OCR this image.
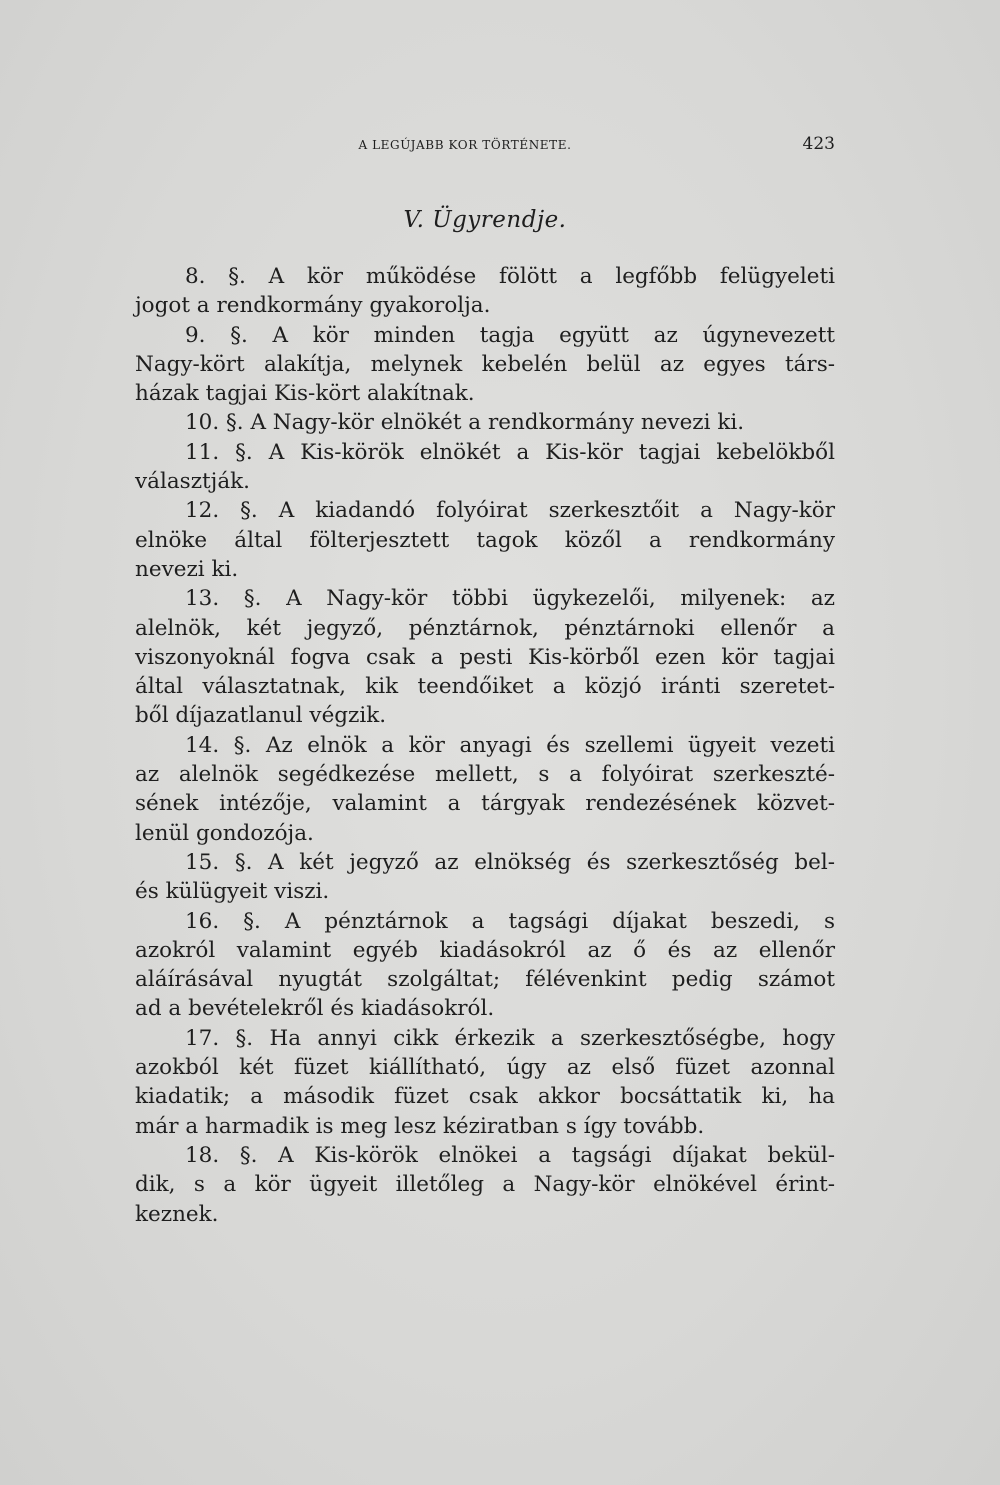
A LEGÚJABB KOR TÖRTÉNETE.	423
V. Ügyrendje.

8. §. A kör működése fölött a legfőbb felügyeleti
jogot a rendkormány gyakorolja.

9. §. A kör minden tagja együtt az úgynevezett
Nagy-kört alakítja, melynek kebelén belül az egyes társ-
házak tagjai Kis-kört alakítnak.

10. §. A Nagy-kör elnökét a rendkormány nevezi ki.

11. §. A Kis-körök elnökét a Kis-kör tagjai kebelökből
választják.

12. §. A kiadandó folyóirat szerkesztőit a Nagy-kör
elnöke által fölterjesztett tagok közől a rendkormány
nevezi ki.

13. §. A Nagy-kör többi ügykezelői, milyenek: az
alelnök, két jegyző, pénztárnok, pénztárnoki ellenőr a
viszonyoknál fogva csak a pesti Kis-körből ezen kör tagjai
által választatnak, kik teendőiket a közjó iránti szeretet-
ből díjazatlanul végzik.

14. §. Az elnök a kör anyagi és szellemi ügyeit vezeti
az alelnök segédkezése mellett, s a folyóirat szerkeszté-
sének intézője, valamint a tárgyak rendezésének közvet-
lenül gondozója.

15. §. A két jegyző az elnökség és szerkesztőség bel-
és külügyeit viszi.

16. §. A pénztárnok a tagsági díjakat beszedi, s
azokról valamint egyéb kiadásokról az ő és az ellenőr
aláírásával nyugtát szolgáltat; félévenkint pedig számot
ad a bevételekről és kiadásokról.

17. §. Ha annyi cikk érkezik a szerkesztőségbe, hogy
azokból két füzet kiállítható, úgy az első füzet azonnal
kiadatik; a második füzet csak akkor bocsáttatik ki, ha
már a harmadik is meg lesz kéziratban s így tovább.

18. §. A Kis-körök elnökei a tagsági díjakat bekül-
dik, s a kör ügyeit illetőleg a Nagy-kör elnökével érint-
keznek.
